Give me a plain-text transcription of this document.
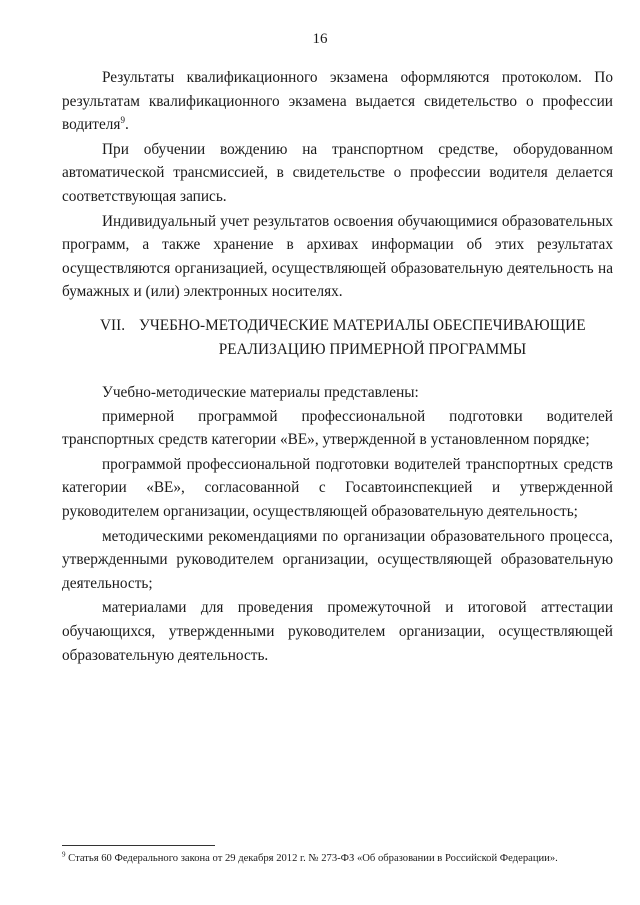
16

Результаты квалификационного экзамена оформляются протоколом. По результатам квалификационного экзамена выдается свидетельство о профессии водителя$^9$.

При обучении вождению на транспортном средстве, оборудованном автоматической трансмиссией, в свидетельстве о профессии водителя делается соответствующая запись.

Индивидуальный учет результатов освоения обучающимися образовательных программ, а также хранение в архивах информации об этих результатах осуществляются организацией, осуществляющей образовательную деятельность на бумажных и (или) электронных носителях.

VII. УЧЕБНО-МЕТОДИЧЕСКИЕ МАТЕРИАЛЫ ОБЕСПЕЧИВАЮЩИЕ
РЕАЛИЗАЦИЮ ПРИМЕРНОЙ ПРОГРАММЫ

Учебно-методические материалы представлены:

примерной программой профессиональной подготовки водителей транспортных средств категории «ВЕ», утвержденной в установленном порядке;

программой профессиональной подготовки водителей транспортных средств категории «ВЕ», согласованной с Госавтоинспекцией и утвержденной руководителем организации, осуществляющей образовательную деятельность;

методическими рекомендациями по организации образовательного процесса, утвержденными руководителем организации, осуществляющей образовательную деятельность;

материалами для проведения промежуточной и итоговой аттестации обучающихся, утвержденными руководителем организации, осуществляющей образовательную деятельность.

$^9$ Статья 60 Федерального закона от 29 декабря 2012 г. № 273-ФЗ «Об образовании в Российской Федерации».
